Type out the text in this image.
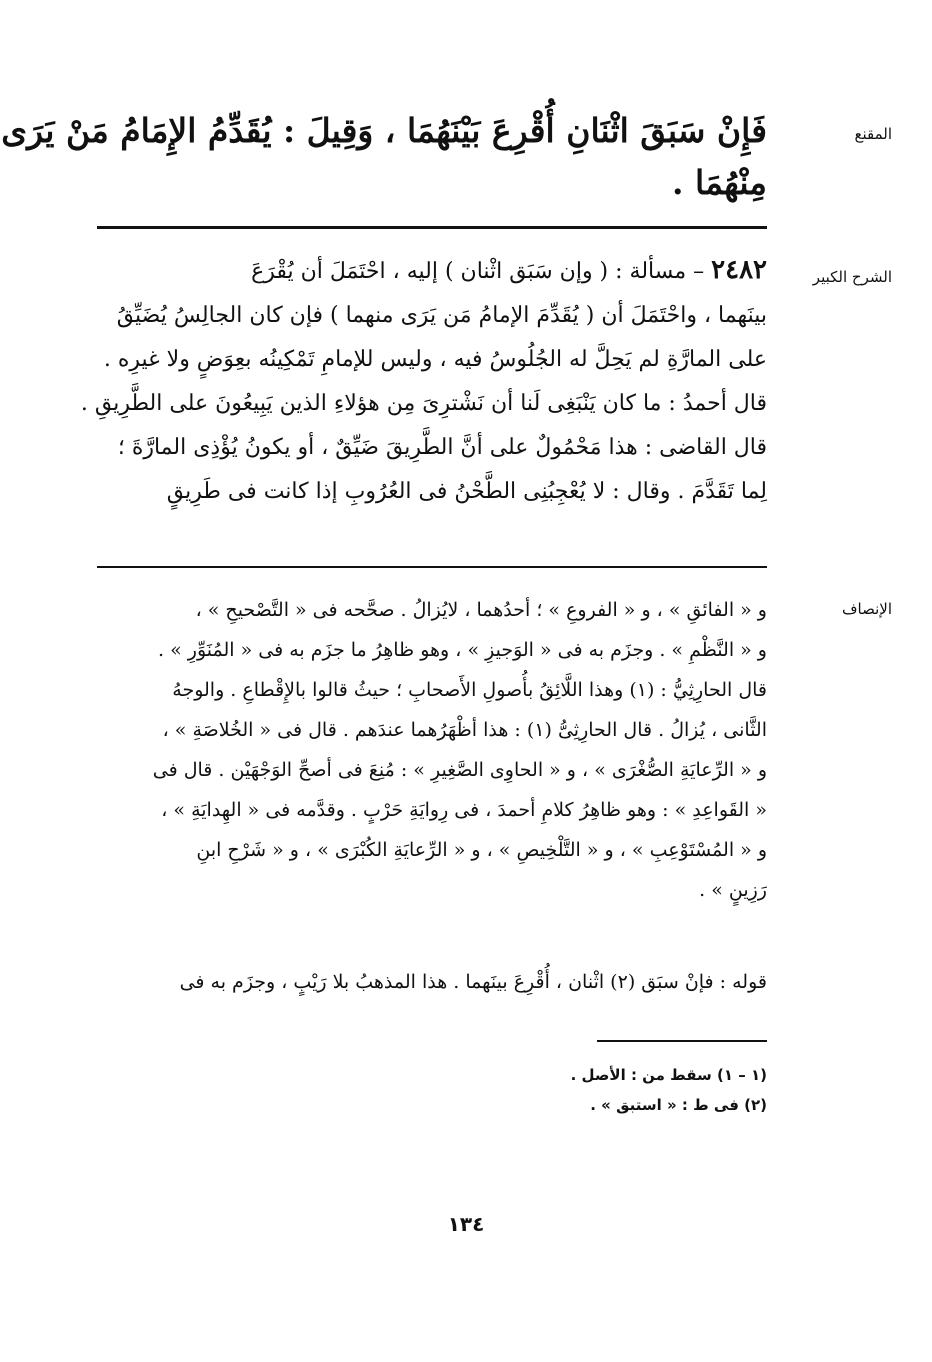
المقنع
فَإِنْ سَبَقَ اثْنَانِ أُقْرِعَ بَيْنَهُمَا ، وَقِيلَ : يُقَدِّمُ الإِمَامُ مَنْ يَرَى
مِنْهُمَا .
الشرح الكبير
٢٤٨٢ – مسألة : ( وإن سَبَق اثْنان ) إليه ، احْتَمَلَ أن يُقْرَعَ
بينَهما ، واحْتَمَلَ أن ( يُقَدِّمَ الإمامُ مَن يَرَى منهما ) فإن كان الجالِسُ يُضَيِّقُ
على المارَّةِ لم يَحِلَّ له الجُلُوسُ فيه ، وليس للإمامِ تَمْكِينُه بعِوَضٍ ولا غيرِه .
قال أحمدُ : ما كان يَنْبَغِى لَنا أن نَشْترِىَ مِن هؤلاءِ الذين يَبِيعُونَ على الطَّرِيقِ .
قال القاضى : هذا مَحْمُولٌ على أنَّ الطَّرِيقَ ضَيِّقٌ ، أو يكونُ يُؤْذِى المارَّةَ ؛
لِما تَقَدَّمَ . وقال : لا يُعْجِبُنِى الطَّحْنُ فى العُرُوبِ إذا كانت فى طَرِيقٍ
الإنصاف
و « الفائقِ » ، و « الفروعِ » ؛ أحدُهما ، لايُزالُ . صحَّحه فى « التَّصْحيحِ » ،
و « النَّظْمِ » . وجزَم به فى « الوَجيزِ » ، وهو ظاهِرُ ما جزَم به فى « المُنَوِّرِ » .
قال الحارِثِيُّ : (١) وهذا اللَّائِقُ بأُصولِ الأَصحابِ ؛ حيثُ قالوا بالإِقْطاعِ . والوجهُ
الثَّانى ، يُزالُ . قال الحارِثِىُّ (١) : هذا أظْهَرُهما عندَهم . قال فى « الخُلاصَةِ » ،
و « الرِّعايَةِ الصُّغْرَى » ، و « الحاوِى الصَّغِيرِ » : مُنِعَ فى أصحِّ الوَجْهَيْن . قال فى
« القَواعِدِ » : وهو ظاهِرُ كلامِ أحمدَ ، فى رِوايَةِ حَرْبٍ . وقدَّمه فى « الهِدايَةِ » ،
و « المُسْتَوْعِبِ » ، و « التَّلْخِيصِ » ، و « الرِّعايَةِ الكُبْرَى » ، و « شَرْحِ ابنِ
رَزِينٍ » .
قوله : فإنْ سبَق (٢) اثْنان ، أُقْرِعَ بينَهما . هذا المذهبُ بلا رَيْبٍ ، وجزَم به فى
(١ – ١) سقط من : الأصل .
(٢) فى ط : « استبق » .
١٣٤
